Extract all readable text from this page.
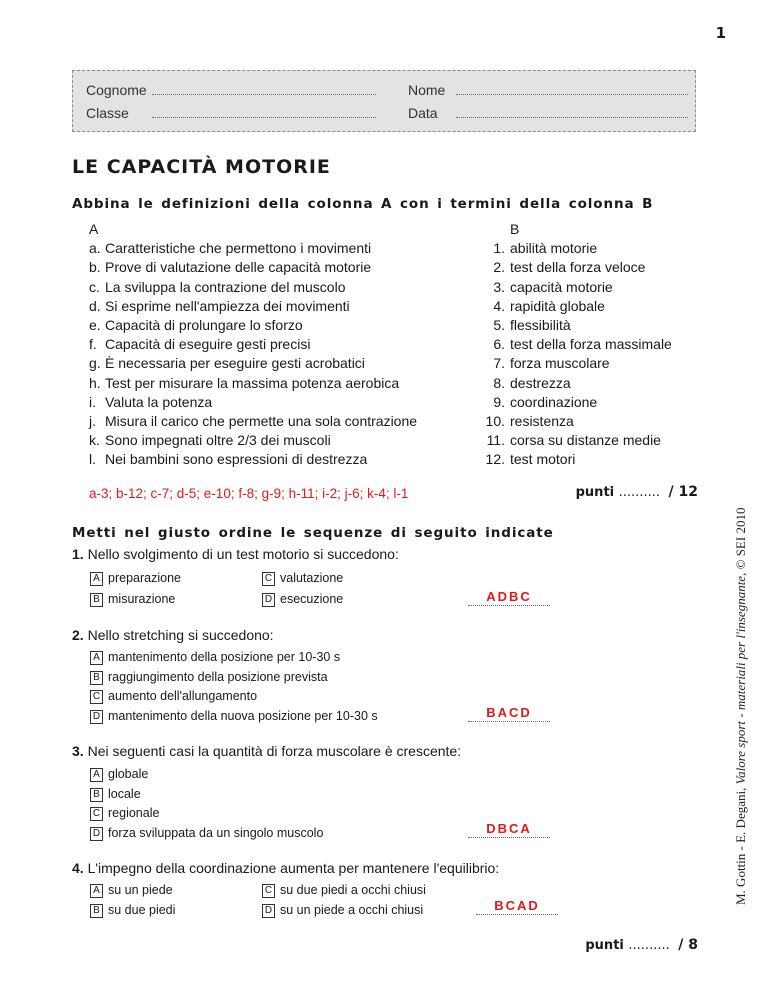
1
M. Gottin - E. Degani, Valore sport - materiali per l'insegnante, © SEI 2010
Cognome	Nome
Classe	Data
LE CAPACITÀ MOTORIE
Abbina le definizioni della colonna A con i termini della colonna B
A
a. Caratteristiche che permettono i movimenti
b. Prove di valutazione delle capacità motorie
c. La sviluppa la contrazione del muscolo
d. Si esprime nell'ampiezza dei movimenti
e. Capacità di prolungare lo sforzo
f. Capacità di eseguire gesti precisi
g. È necessaria per eseguire gesti acrobatici
h. Test per misurare la massima potenza aerobica
i. Valuta la potenza
j. Misura il carico che permette una sola contrazione
k. Sono impegnati oltre 2/3 dei muscoli
l. Nei bambini sono espressioni di destrezza
B
1. abilità motorie
2. test della forza veloce
3. capacità motorie
4. rapidità globale
5. flessibilità
6. test della forza massimale
7. forza muscolare
8. destrezza
9. coordinazione
10. resistenza
11. corsa su distanze medie
12. test motori
a-3; b-12; c-7; d-5; e-10; f-8; g-9; h-11; i-2; j-6; k-4; l-1	punti .......... / 12
Metti nel giusto ordine le sequenze di seguito indicate
1. Nello svolgimento di un test motorio si succedono:
A preparazione
B misurazione
C valutazione
D esecuzione	ADBC
2. Nello stretching si succedono:
A mantenimento della posizione per 10-30 s
B raggiungimento della posizione prevista
C aumento dell'allungamento
D mantenimento della nuova posizione per 10-30 s	BACD
3. Nei seguenti casi la quantità di forza muscolare è crescente:
A globale
B locale
C regionale
D forza sviluppata da un singolo muscolo	DBCA
4. L'impegno della coordinazione aumenta per mantenere l'equilibrio:
A su un piede
B su due piedi
C su due piedi a occhi chiusi
D su un piede a occhi chiusi	BCAD
punti .......... / 8
